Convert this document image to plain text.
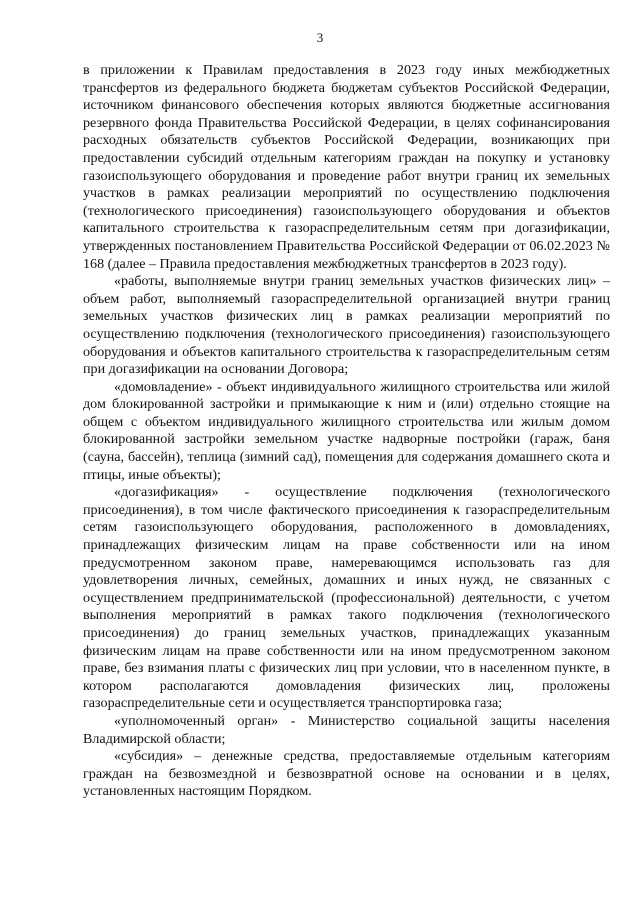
3

в приложении к Правилам предоставления в 2023 году иных межбюджетных трансфертов из федерального бюджета бюджетам субъектов Российской Федерации, источником финансового обеспечения которых являются бюджетные ассигнования резервного фонда Правительства Российской Федерации, в целях софинансирования расходных обязательств субъектов Российской Федерации, возникающих при предоставлении субсидий отдельным категориям граждан на покупку и установку газоиспользующего оборудования и проведение работ внутри границ их земельных участков в рамках реализации мероприятий по осуществлению подключения (технологического присоединения) газоиспользующего оборудования и объектов капитального строительства к газораспределительным сетям при догазификации, утвержденных постановлением Правительства Российской Федерации от 06.02.2023 № 168 (далее – Правила предоставления межбюджетных трансфертов в 2023 году).

«работы, выполняемые внутри границ земельных участков физических лиц» – объем работ, выполняемый газораспределительной организацией внутри границ земельных участков физических лиц в рамках реализации мероприятий по осуществлению подключения (технологического присоединения) газоиспользующего оборудования и объектов капитального строительства к газораспределительным сетям при догазификации на основании Договора;

«домовладение» - объект индивидуального жилищного строительства или жилой дом блокированной застройки и примыкающие к ним и (или) отдельно стоящие на общем с объектом индивидуального жилищного строительства или жилым домом блокированной застройки земельном участке надворные постройки (гараж, баня (сауна, бассейн), теплица (зимний сад), помещения для содержания домашнего скота и птицы, иные объекты);

«догазификация» - осуществление подключения (технологического присоединения), в том числе фактического присоединения к газораспределительным сетям газоиспользующего оборудования, расположенного в домовладениях, принадлежащих физическим лицам на праве собственности или на ином предусмотренном законом праве, намеревающимся использовать газ для удовлетворения личных, семейных, домашних и иных нужд, не связанных с осуществлением предпринимательской (профессиональной) деятельности, с учетом выполнения мероприятий в рамках такого подключения (технологического присоединения) до границ земельных участков, принадлежащих указанным физическим лицам на праве собственности или на ином предусмотренном законом праве, без взимания платы с физических лиц при условии, что в населенном пункте, в котором располагаются домовладения физических лиц, проложены газораспределительные сети и осуществляется транспортировка газа;

«уполномоченный орган» - Министерство социальной защиты населения Владимирской области;

«субсидия» – денежные средства, предоставляемые отдельным категориям граждан на безвозмездной и безвозвратной основе на основании и в целях, установленных настоящим Порядком.
